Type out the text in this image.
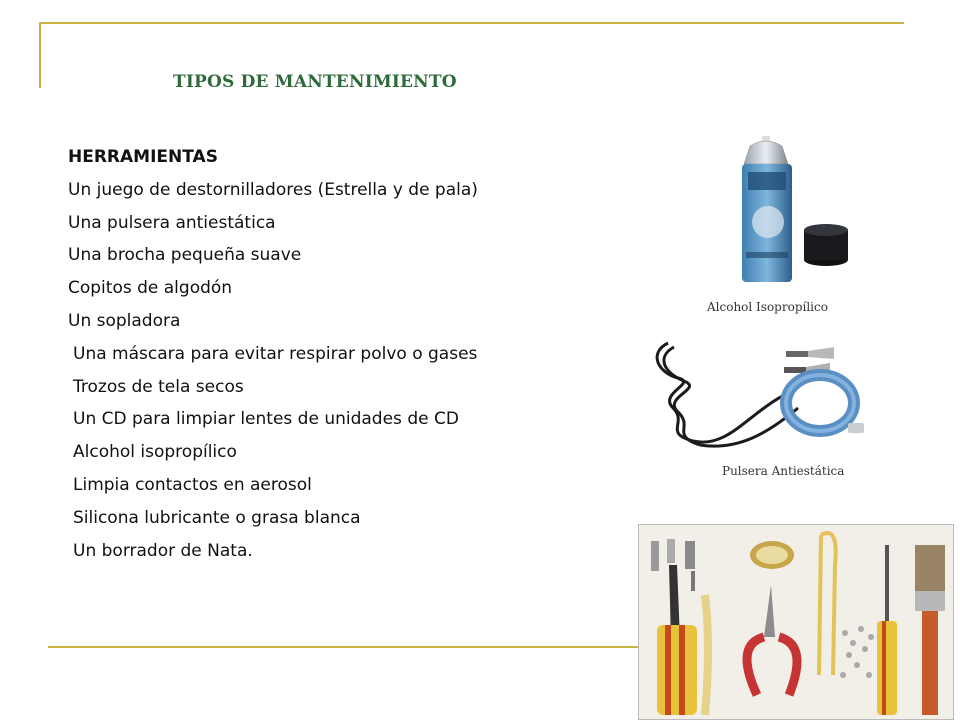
TIPOS DE MANTENIMIENTO
HERRAMIENTAS
Un juego de destornilladores (Estrella y de pala)
Una pulsera antiestática
Una brocha pequeña suave
Copitos de algodón
Un sopladora
Una máscara para evitar respirar polvo o gases
Trozos de tela secos
Un CD para limpiar lentes de unidades de CD
Alcohol isopropílico
Limpia contactos en aerosol
Silicona lubricante o grasa blanca
Un borrador de Nata.
Alcohol Isopropílico
Pulsera Antiestática
